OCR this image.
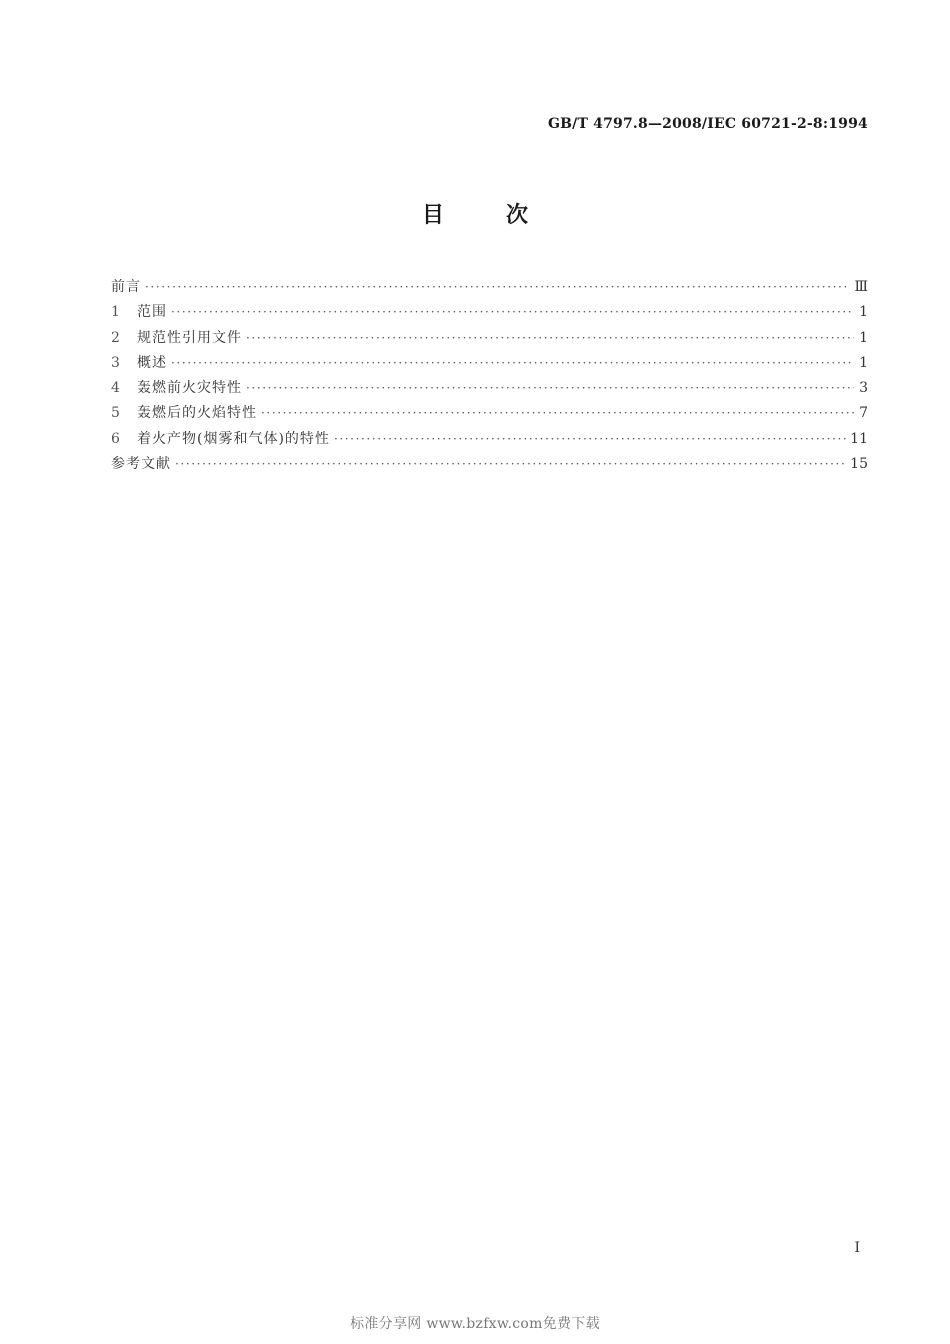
GB/T 4797.8—2008/IEC 60721-2-8:1994
目	次
前言 ·····	Ⅲ
1	范围 ·····	1
2	规范性引用文件 ·····	1
3	概述 ·····	1
4	轰燃前火灾特性 ·····	3
5	轰燃后的火焰特性 ·····	7
6	着火产物(烟雾和气体)的特性 ·····	11
参考文献 ·····	15
I
标准分享网 www.bzfxw.com免费下载
